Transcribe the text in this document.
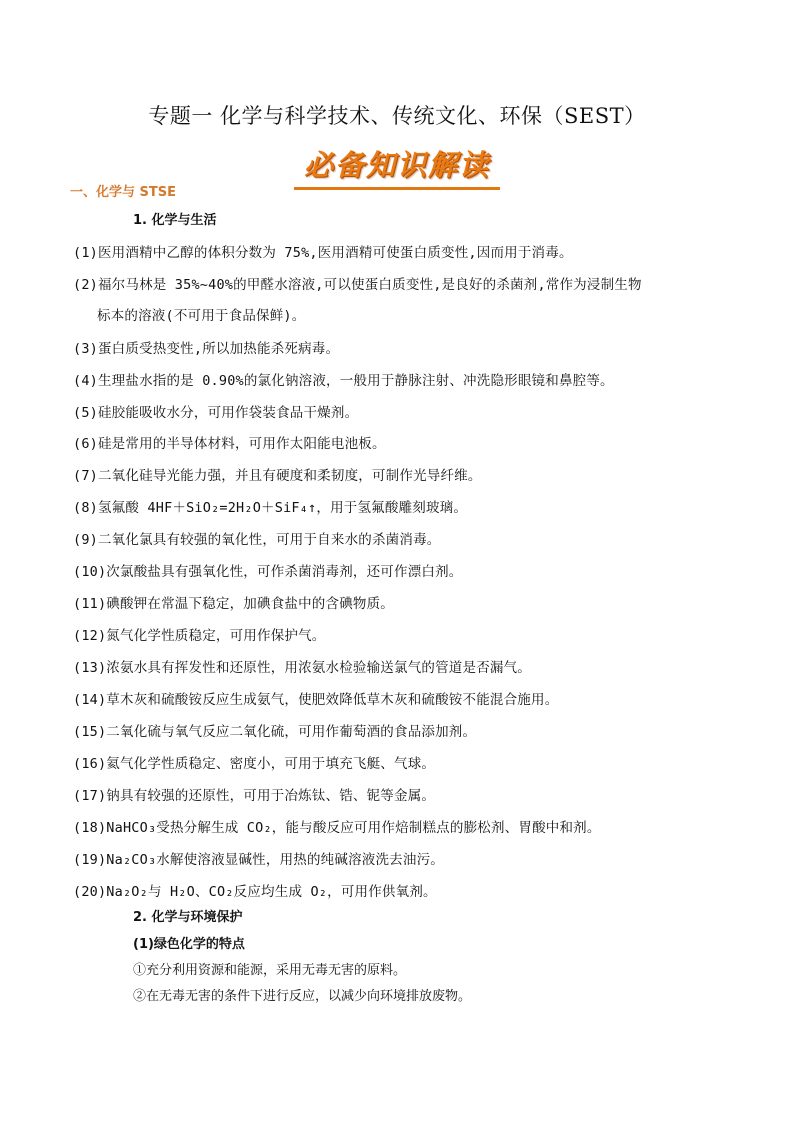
专题一 化学与科学技术、传统文化、环保（SEST）
必备知识解读
一、化学与 STSE
1. 化学与生活
(1)医用酒精中乙醇的体积分数为 75%,医用酒精可使蛋白质变性,因而用于消毒。
(2)福尔马林是 35%~40%的甲醛水溶液,可以使蛋白质变性,是良好的杀菌剂,常作为浸制生物
标本的溶液(不可用于食品保鲜)。
(3)蛋白质受热变性,所以加热能杀死病毒。
(4)生理盐水指的是 0.90%的氯化钠溶液，一般用于静脉注射、冲洗隐形眼镜和鼻腔等。
(5)硅胶能吸收水分，可用作袋装食品干燥剂。
(6)硅是常用的半导体材料，可用作太阳能电池板。
(7)二氧化硅导光能力强，并且有硬度和柔韧度，可制作光导纤维。
(8)氢氟酸 4HF＋SiO₂=2H₂O＋SiF₄↑，用于氢氟酸雕刻玻璃。
(9)二氧化氯具有较强的氧化性，可用于自来水的杀菌消毒。
(10)次氯酸盐具有强氧化性，可作杀菌消毒剂，还可作漂白剂。
(11)碘酸钾在常温下稳定，加碘食盐中的含碘物质。
(12)氮气化学性质稳定，可用作保护气。
(13)浓氨水具有挥发性和还原性，用浓氨水检验输送氯气的管道是否漏气。
(14)草木灰和硫酸铵反应生成氨气，使肥效降低草木灰和硫酸铵不能混合施用。
(15)二氧化硫与氧气反应二氧化硫，可用作葡萄酒的食品添加剂。
(16)氦气化学性质稳定、密度小，可用于填充飞艇、气球。
(17)钠具有较强的还原性，可用于冶炼钛、锆、铌等金属。
(18)NaHCO₃受热分解生成 CO₂，能与酸反应可用作焙制糕点的膨松剂、胃酸中和剂。
(19)Na₂CO₃水解使溶液显碱性，用热的纯碱溶液洗去油污。
(20)Na₂O₂与 H₂O、CO₂反应均生成 O₂，可用作供氧剂。
2. 化学与环境保护
(1)绿色化学的特点
①充分利用资源和能源，采用无毒无害的原料。
②在无毒无害的条件下进行反应，以减少向环境排放废物。
